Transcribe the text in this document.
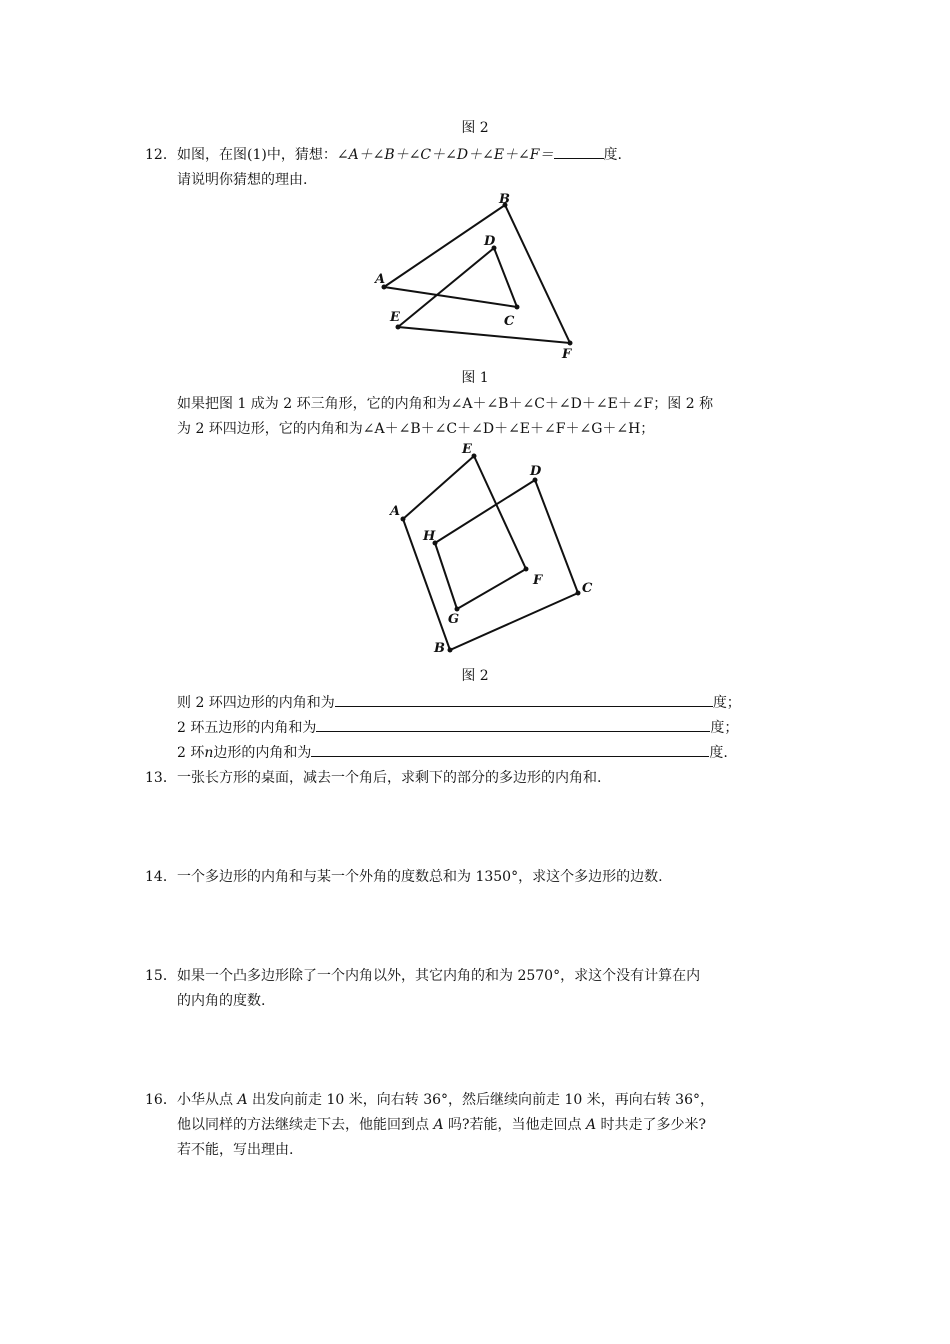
图 2
12．如图，在图(1)中，猜想：∠A＋∠B＋∠C＋∠D＋∠E＋∠F＝	度.
请说明你猜想的理由.
A
B
C
D
E
F
图 1
如果把图 1 成为 2 环三角形，它的内角和为∠A＋∠B＋∠C＋∠D＋∠E＋∠F；图 2 称
为 2 环四边形，它的内角和为∠A＋∠B＋∠C＋∠D＋∠E＋∠F＋∠G＋∠H；
A
B
C
D
E
F
G
H
图 2
则 2 环四边形的内角和为	度；
2 环五边形的内角和为	度；
2 环n边形的内角和为	度.
13．一张长方形的桌面，减去一个角后，求剩下的部分的多边形的内角和.
14．一个多边形的内角和与某一个外角的度数总和为 1350°，求这个多边形的边数.
15．如果一个凸多边形除了一个内角以外，其它内角的和为 2570°，求这个没有计算在内
的内角的度数.
16．小华从点 A 出发向前走 10 米，向右转 36°，然后继续向前走 10 米，再向右转 36°，
他以同样的方法继续走下去，他能回到点 A 吗?若能，当他走回点 A 时共走了多少米?
若不能，写出理由.
